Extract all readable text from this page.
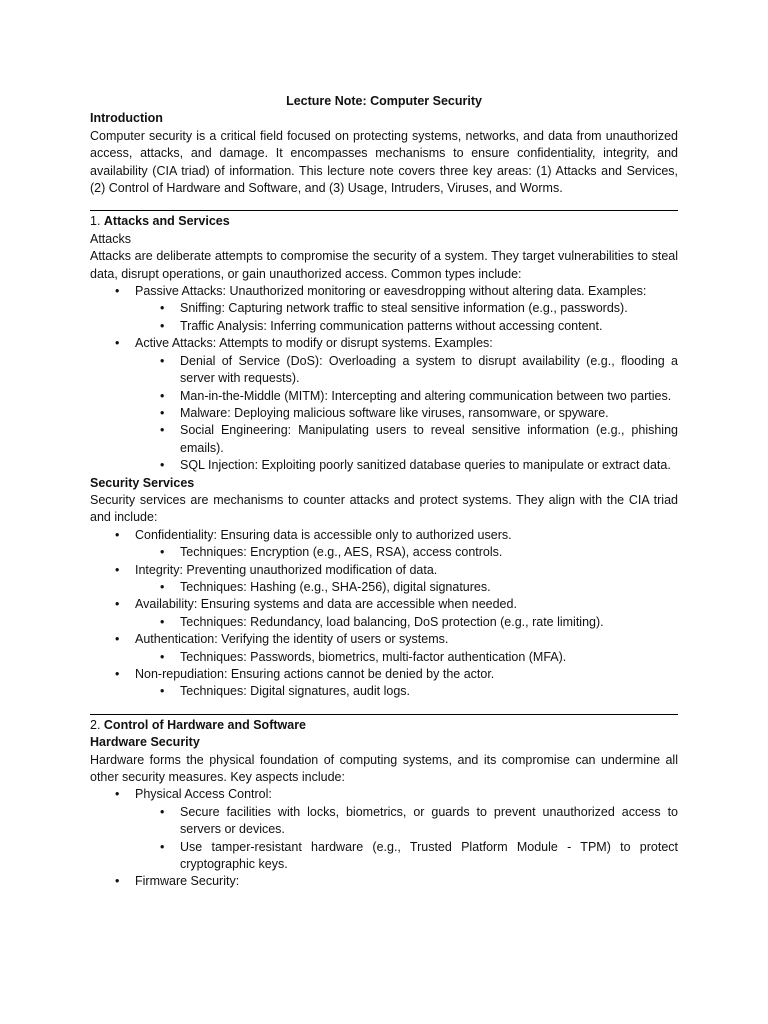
Lecture Note: Computer Security

Introduction

Computer security is a critical field focused on protecting systems, networks, and data from unauthorized access, attacks, and damage. It encompasses mechanisms to ensure confidentiality, integrity, and availability (CIA triad) of information. This lecture note covers three key areas: (1) Attacks and Services, (2) Control of Hardware and Software, and (3) Usage, Intruders, Viruses, and Worms.

1. Attacks and Services

Attacks

Attacks are deliberate attempts to compromise the security of a system. They target vulnerabilities to steal data, disrupt operations, or gain unauthorized access. Common types include:

• Passive Attacks: Unauthorized monitoring or eavesdropping without altering data. Examples:
• Sniffing: Capturing network traffic to steal sensitive information (e.g., passwords).
• Traffic Analysis: Inferring communication patterns without accessing content.
• Active Attacks: Attempts to modify or disrupt systems. Examples:
• Denial of Service (DoS): Overloading a system to disrupt availability (e.g., flooding a server with requests).
• Man-in-the-Middle (MITM): Intercepting and altering communication between two parties.
• Malware: Deploying malicious software like viruses, ransomware, or spyware.
• Social Engineering: Manipulating users to reveal sensitive information (e.g., phishing emails).
• SQL Injection: Exploiting poorly sanitized database queries to manipulate or extract data.

Security Services

Security services are mechanisms to counter attacks and protect systems. They align with the CIA triad and include:

• Confidentiality: Ensuring data is accessible only to authorized users.
• Techniques: Encryption (e.g., AES, RSA), access controls.
• Integrity: Preventing unauthorized modification of data.
• Techniques: Hashing (e.g., SHA-256), digital signatures.
• Availability: Ensuring systems and data are accessible when needed.
• Techniques: Redundancy, load balancing, DoS protection (e.g., rate limiting).
• Authentication: Verifying the identity of users or systems.
• Techniques: Passwords, biometrics, multi-factor authentication (MFA).
• Non-repudiation: Ensuring actions cannot be denied by the actor.
• Techniques: Digital signatures, audit logs.

2. Control of Hardware and Software

Hardware Security

Hardware forms the physical foundation of computing systems, and its compromise can undermine all other security measures. Key aspects include:

• Physical Access Control:
• Secure facilities with locks, biometrics, or guards to prevent unauthorized access to servers or devices.
• Use tamper-resistant hardware (e.g., Trusted Platform Module - TPM) to protect cryptographic keys.
• Firmware Security:
